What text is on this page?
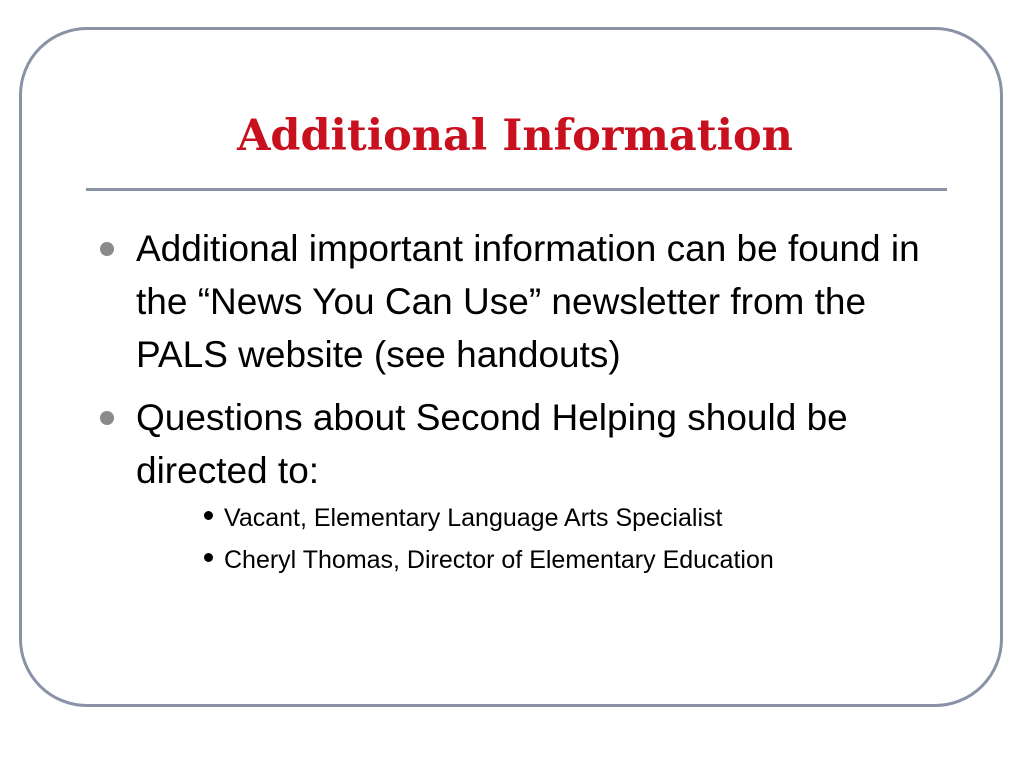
Additional Information
Additional important information can be found in the “News You Can Use” newsletter from the PALS website (see handouts)
Questions about Second Helping should be directed to:
Vacant, Elementary Language Arts Specialist
Cheryl Thomas, Director of Elementary Education
